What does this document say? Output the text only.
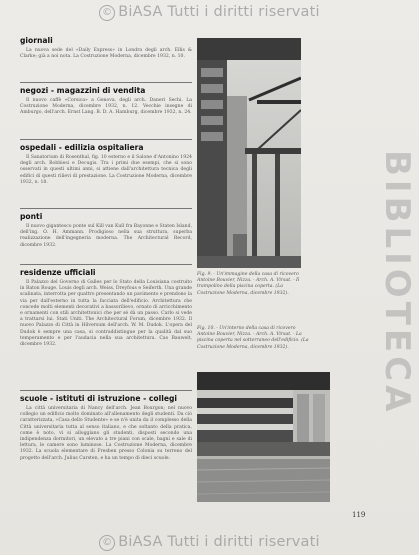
© BiASA Tutti i diritti riservati
BIBLIOTECA

giornali

La nuova sede del «Daily Express» in Londra degli arch. Ellis & Clarke; già a noi nota. La Costruzione Moderna, dicembre 1932, n. 10.

negozi - magazzini di vendita

Il nuovo caffè «Corsica» a Genova, degli arch. Daneri Sechi. La Costruzione Moderna, dicembre 1932, n. 12. Vecchie insegne di Amburgo, dell'arch. Ernst Lang. B. D. A. Hamburg, dicembre 1932, n. 24.

ospedali - edilizia ospitaliera

Il Sanatorium di Rosenthal, fig. 10 esterno e il Salone d'Antonino 1924 degli arch. Bobbiesi e Decugis. Tra i primi due esempi, che si sono osservati in questi ultimi anni, si attiene dall'architettura tecnica degli edifici di questi rilievi di prestazione. La Costruzione Moderna, dicembre 1932, n. 18.

ponti

Il nuovo gigantesco ponte sul Kill van Kull fra Bayonne e Staten Island, dell'ing. O. H. Ammann. Prodigioso nella sua struttura, superba realizzazione dell'ingegneria moderna. The Architectural Record, dicembre 1932.

residenze ufficiali

Il Palazzo del Governo di Galles per lo Stato della Louisiana costruito in Baton Rouge. Louis degli arch. Weiss, Dreyfous e Seiferth. Una grande scalinata, interrotta per quattro presentando un pavimento e prendono la via per dall'esterno in tutta la facciata dell'edificio. Architettura che concede molti elementi decorativi a bassorilievo, ornato di arricchimento e ornamenti con stili architettonici che per sé dà un passo. Carlo si vede a trattarsi lui. Stati Uniti. The Architectural Forum, dicembre 1932. Il nuovo Palazzo di Città in Hilversum dell'arch. W. M. Dudok. L'opera del Dudok è sempre una casa, si contraddistingue per la qualità dal suo temperamento e per l'audacia nella sua architettura. Cas Bauwelt, dicembre 1932.

scuole - istituti di istruzione - collegi

La città universitaria di Nancy dell'arch. Jean Bourgon; nel nuovo collegio un edificio molto dominato all'allenamento degli studenti. Da ciò caratterizzata, «Casa dello Studente» e se n'è unita da il complesso della Città universitaria tutta al senso italiano, e che soltanto della pratica, come è noto, vi si alloggiano gli studenti, disposti secondo una indipendenza dormitori, un elevato a tre piani con scale, bagni e sale di lettura, le camere sono luminose. La Costruzione Moderna, dicembre 1932. La scuola elementare di Fresben presso Colonia su terreno del progetto dell'arch. Julius Carsten, e ha un tempo di dieci scuole.

Fig. 9. - Un'immagine della casa di ricovero Antoine Bouvier, Nizza. - Arch. A. Virsat. - Il trampolino della piscina coperta. (La Costruzione Moderna, dicembre 1932).
Fig. 10. - Un'interno della casa di ricovero Antoine Bouvier, Nizza. - Arch. A. Virsat. - La piscina coperta nel sotterraneo dell'edificio. (La Costruzione Moderna, dicembre 1932).
119
© BiASA Tutti i diritti riservati
